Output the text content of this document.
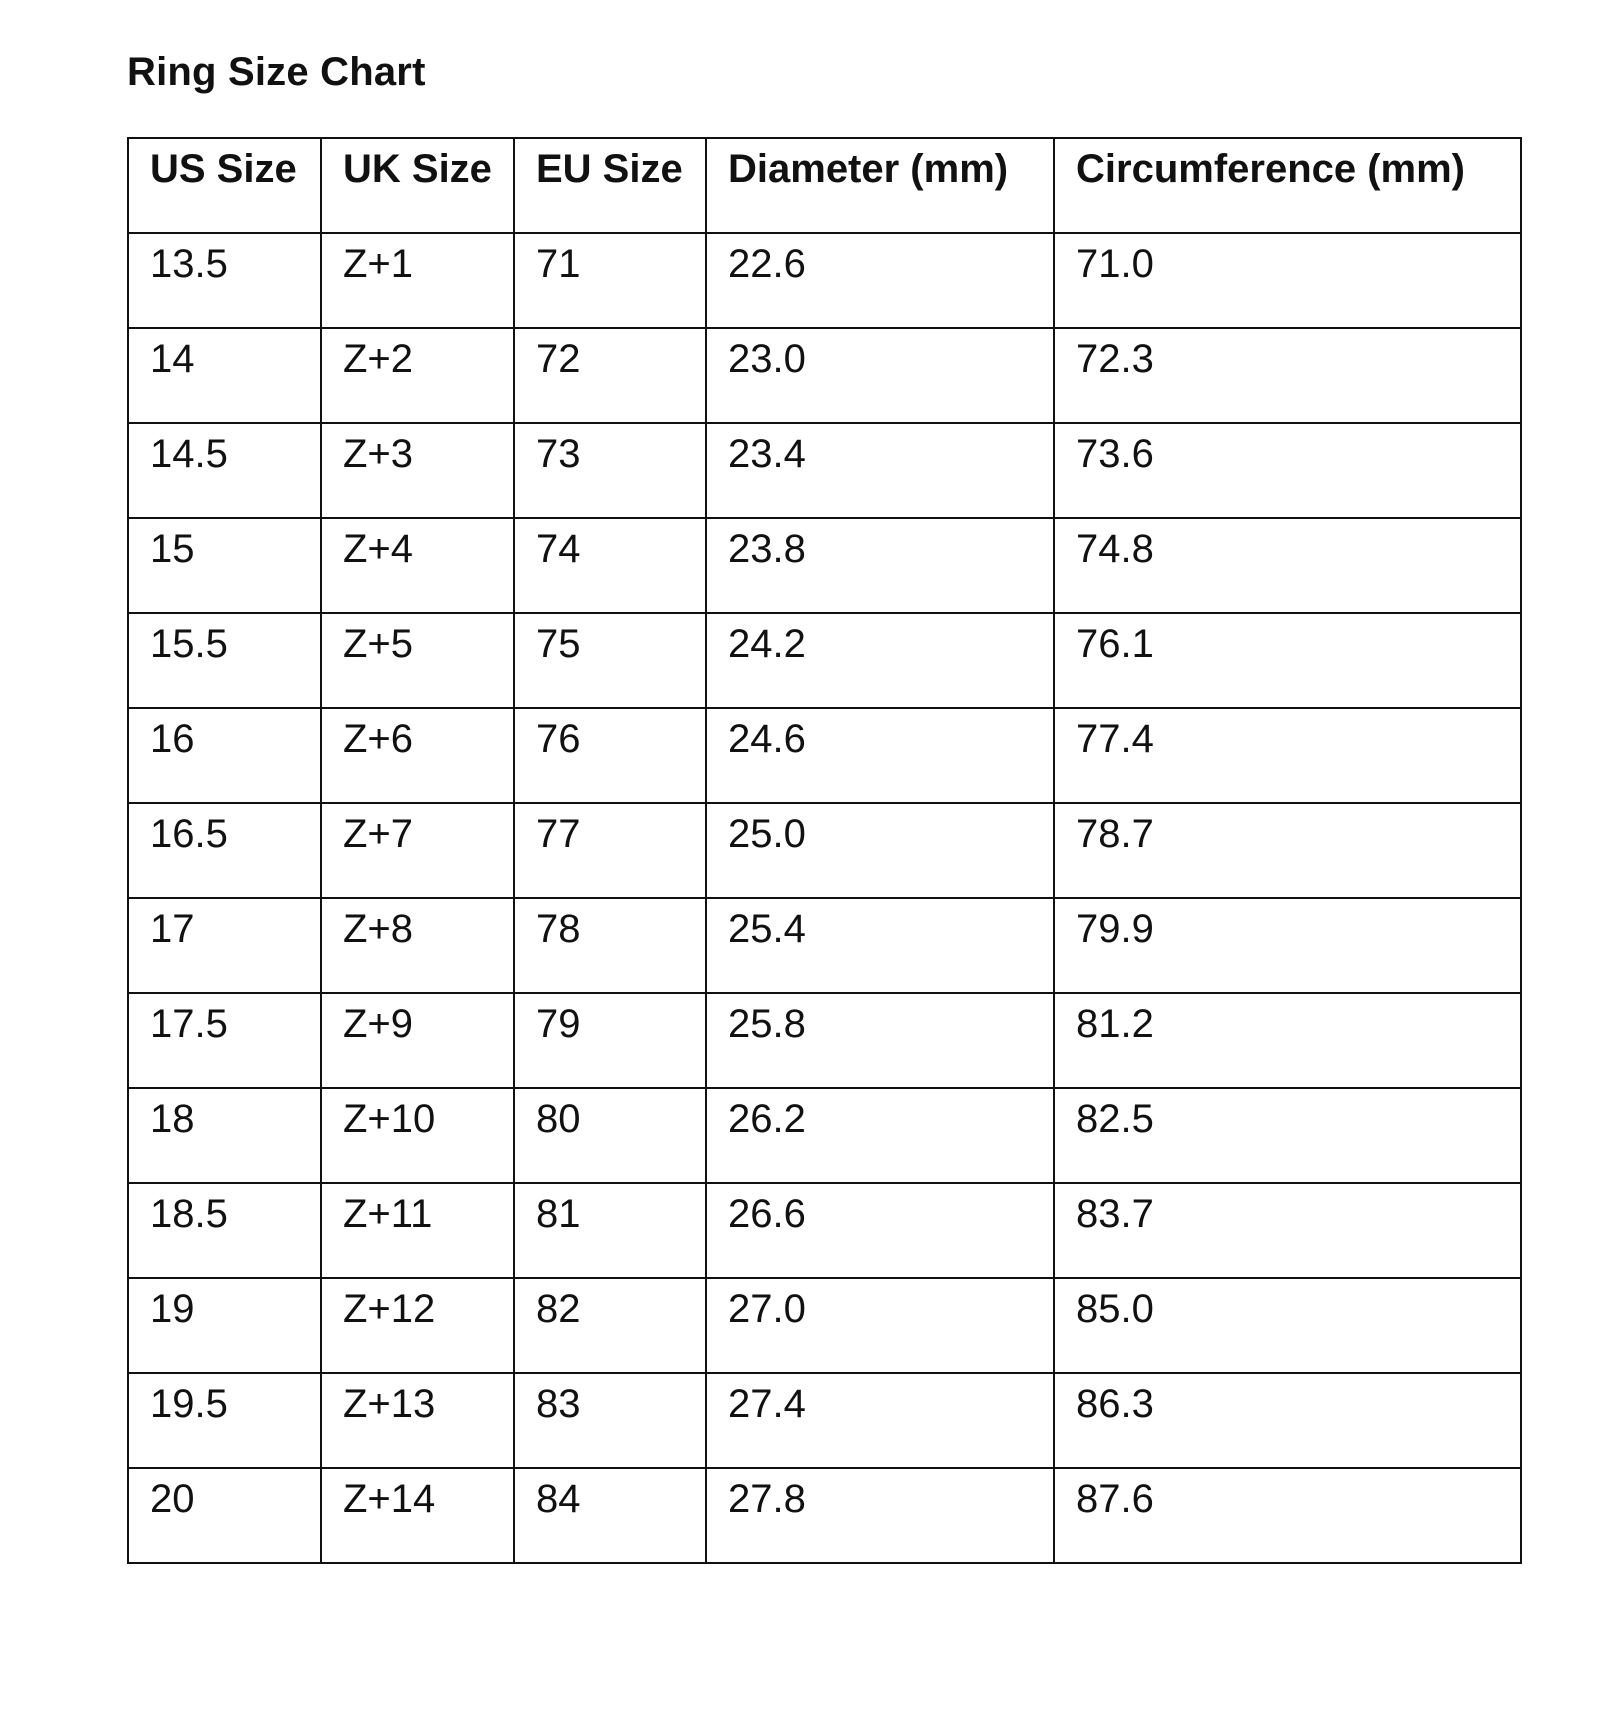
Ring Size Chart
US Size	UK Size	EU Size	Diameter (mm)	Circumference (mm)
13.5	Z+1	71	22.6	71.0
14	Z+2	72	23.0	72.3
14.5	Z+3	73	23.4	73.6
15	Z+4	74	23.8	74.8
15.5	Z+5	75	24.2	76.1
16	Z+6	76	24.6	77.4
16.5	Z+7	77	25.0	78.7
17	Z+8	78	25.4	79.9
17.5	Z+9	79	25.8	81.2
18	Z+10	80	26.2	82.5
18.5	Z+11	81	26.6	83.7
19	Z+12	82	27.0	85.0
19.5	Z+13	83	27.4	86.3
20	Z+14	84	27.8	87.6
